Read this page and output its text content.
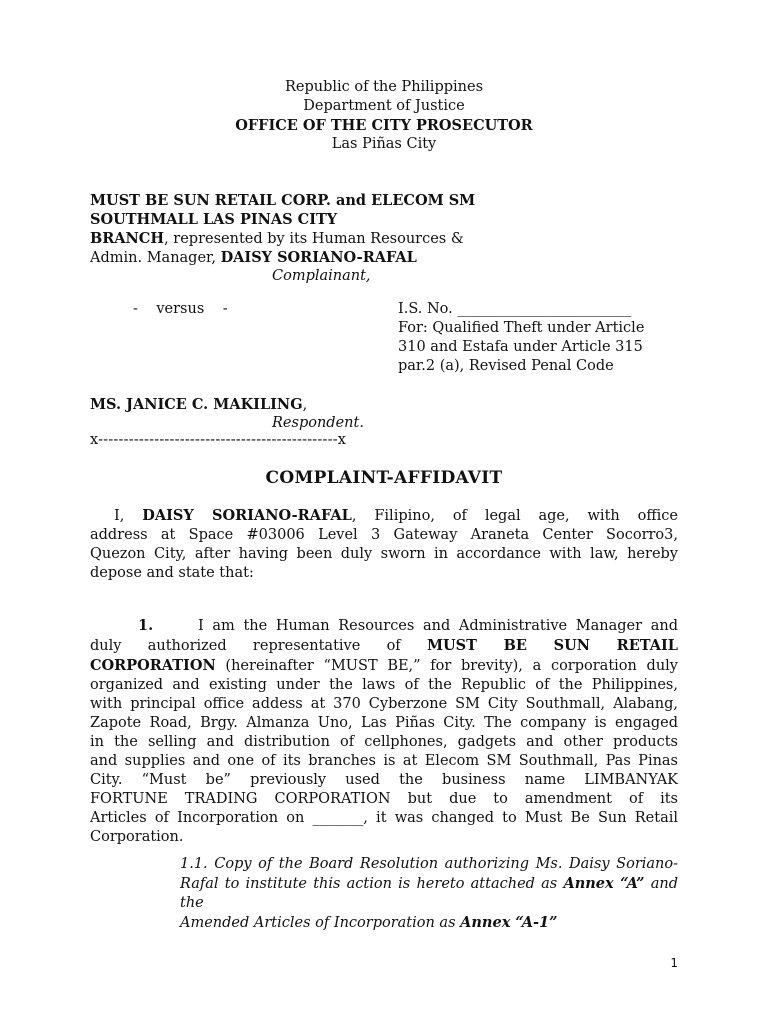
Republic of the Philippines
Department of Justice
OFFICE OF THE CITY PROSECUTOR
Las Piñas City
MUST BE SUN RETAIL CORP. and ELECOM SM
SOUTHMALL LAS PINAS CITY
BRANCH, represented by its Human Resources &
Admin. Manager, DAISY SORIANO-RAFAL
Complainant,
-    versus    -	I.S. No. ________________________
For: Qualified Theft under Article
310 and Estafa under Article 315
par.2 (a), Revised Penal Code
MS. JANICE C. MAKILING,
Respondent.
x-----------------------------------------------x
COMPLAINT-AFFIDAVIT
I, DAISY SORIANO-RAFAL, Filipino, of legal age, with office
address at Space #03006 Level 3 Gateway Araneta Center Socorro3,
Quezon City, after having been duly sworn in accordance with law, hereby
depose and state that:
1.	I am the Human Resources and Administrative Manager and
duly authorized representative of MUST BE SUN RETAIL
CORPORATION (hereinafter “MUST BE,” for brevity), a corporation duly
organized and existing under the laws of the Republic of the Philippines,
with principal office addess at 370 Cyberzone SM City Southmall, Alabang,
Zapote Road, Brgy. Almanza Uno, Las Piñas City. The company is engaged
in the selling and distribution of cellphones, gadgets and other products
and supplies and one of its branches is at Elecom SM Southmall, Pas Pinas
City. “Must be” previously used the business name LIMBANYAK
FORTUNE TRADING CORPORATION but due to amendment of its
Articles of Incorporation on _______, it was changed to Must Be Sun Retail
Corporation.
1.1. Copy of the Board Resolution authorizing Ms. Daisy Soriano-
Rafal to institute this action is hereto attached as Annex “A” and the
Amended Articles of Incorporation as Annex “A-1”
1
